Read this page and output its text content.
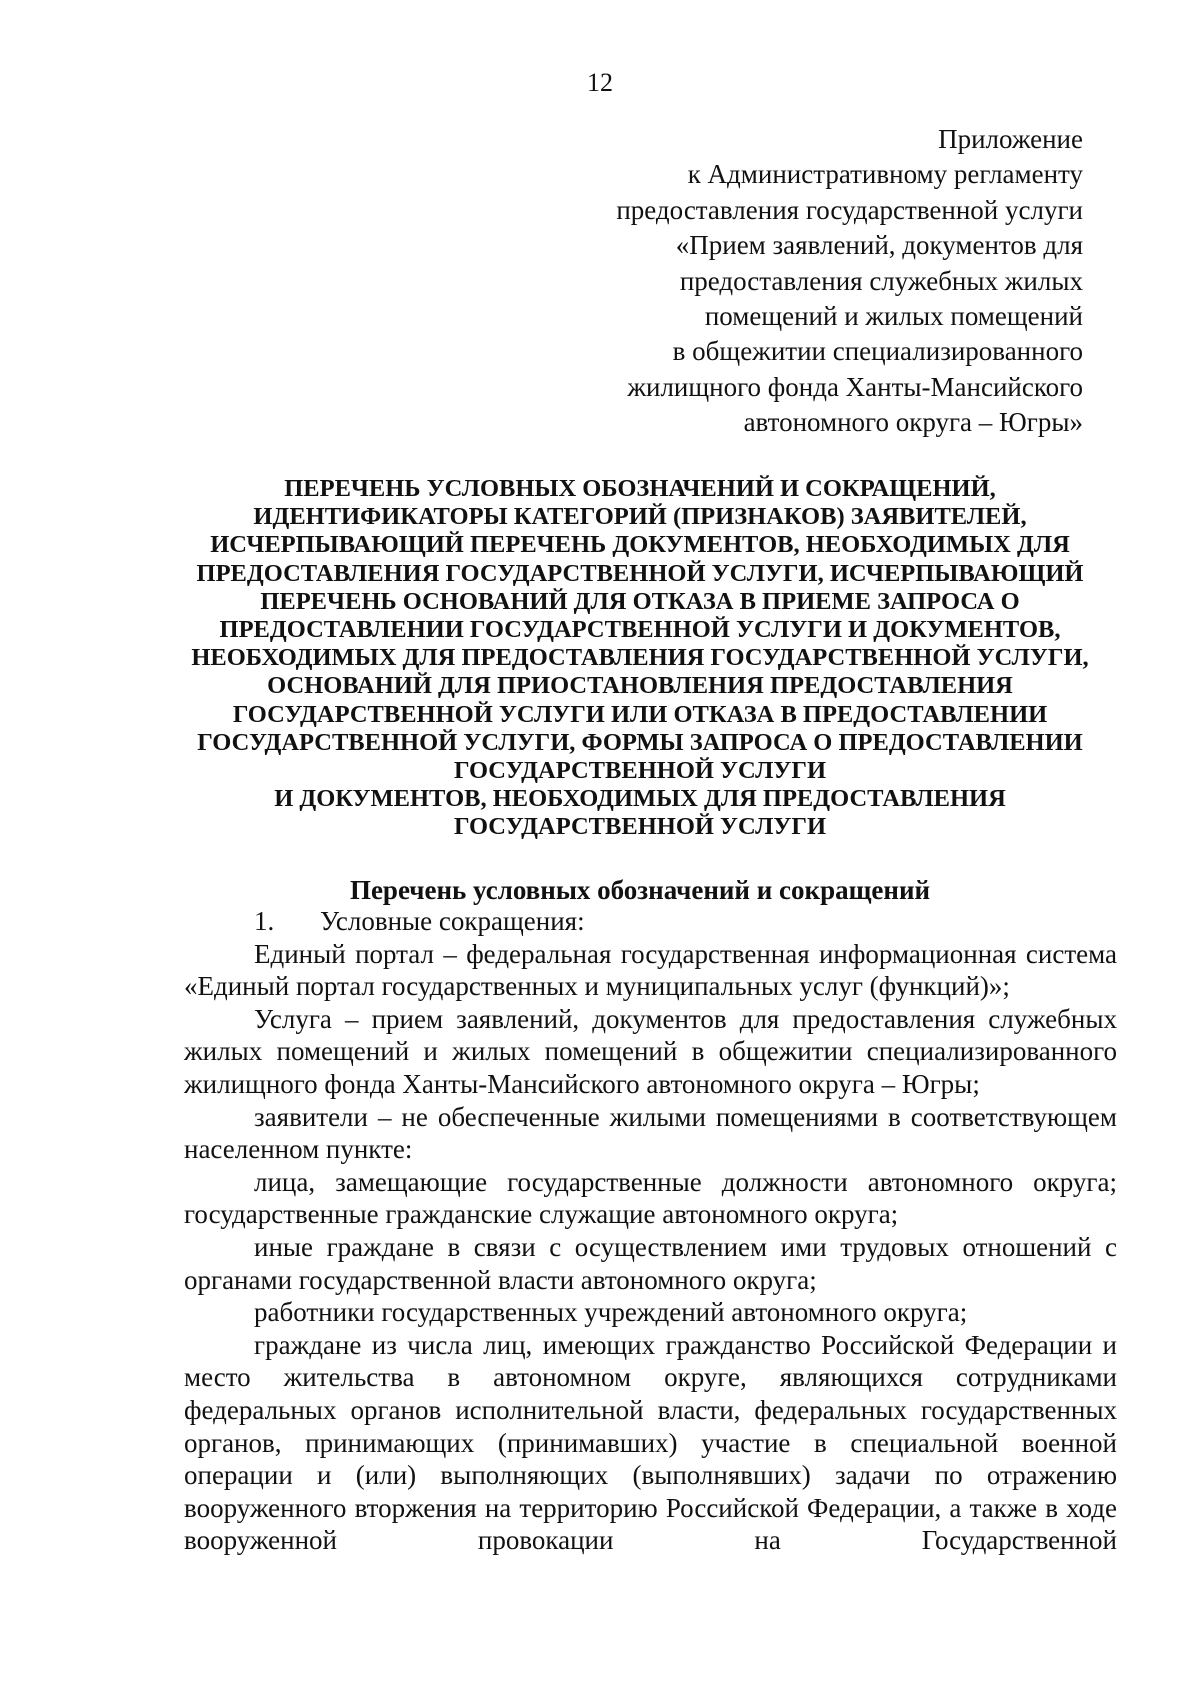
12
Приложение
к Административному регламенту
предоставления государственной услуги
«Прием заявлений, документов для
предоставления служебных жилых
помещений и жилых помещений
в общежитии специализированного
жилищного фонда Ханты-Мансийского
автономного округа – Югры»
ПЕРЕЧЕНЬ УСЛОВНЫХ ОБОЗНАЧЕНИЙ И СОКРАЩЕНИЙ,
ИДЕНТИФИКАТОРЫ КАТЕГОРИЙ (ПРИЗНАКОВ) ЗАЯВИТЕЛЕЙ,
ИСЧЕРПЫВАЮЩИЙ ПЕРЕЧЕНЬ ДОКУМЕНТОВ, НЕОБХОДИМЫХ ДЛЯ
ПРЕДОСТАВЛЕНИЯ ГОСУДАРСТВЕННОЙ УСЛУГИ, ИСЧЕРПЫВАЮЩИЙ
ПЕРЕЧЕНЬ ОСНОВАНИЙ ДЛЯ ОТКАЗА В ПРИЕМЕ ЗАПРОСА О
ПРЕДОСТАВЛЕНИИ ГОСУДАРСТВЕННОЙ УСЛУГИ И ДОКУМЕНТОВ,
НЕОБХОДИМЫХ ДЛЯ ПРЕДОСТАВЛЕНИЯ ГОСУДАРСТВЕННОЙ УСЛУГИ,
ОСНОВАНИЙ ДЛЯ ПРИОСТАНОВЛЕНИЯ ПРЕДОСТАВЛЕНИЯ
ГОСУДАРСТВЕННОЙ УСЛУГИ ИЛИ ОТКАЗА В ПРЕДОСТАВЛЕНИИ
ГОСУДАРСТВЕННОЙ УСЛУГИ, ФОРМЫ ЗАПРОСА О ПРЕДОСТАВЛЕНИИ
ГОСУДАРСТВЕННОЙ УСЛУГИ
И ДОКУМЕНТОВ, НЕОБХОДИМЫХ ДЛЯ ПРЕДОСТАВЛЕНИЯ
ГОСУДАРСТВЕННОЙ УСЛУГИ
Перечень условных обозначений и сокращений

1. Условные сокращения:

Единый портал – федеральная государственная информационная система «Единый портал государственных и муниципальных услуг (функций)»;

Услуга – прием заявлений, документов для предоставления служебных жилых помещений и жилых помещений в общежитии специализированного жилищного фонда Ханты-Мансийского автономного округа – Югры;

заявители – не обеспеченные жилыми помещениями в соответствующем населенном пункте:

лица, замещающие государственные должности автономного округа; государственные гражданские служащие автономного округа;

иные граждане в связи с осуществлением ими трудовых отношений с органами государственной власти автономного округа;

работники государственных учреждений автономного округа;

граждане из числа лиц, имеющих гражданство Российской Федерации и место жительства в автономном округе, являющихся сотрудниками федеральных органов исполнительной власти, федеральных государственных органов, принимающих (принимавших) участие в специальной военной операции и (или) выполняющих (выполнявших) задачи по отражению вооруженного вторжения на территорию Российской Федерации, а также в ходе вооруженной провокации на Государственной
